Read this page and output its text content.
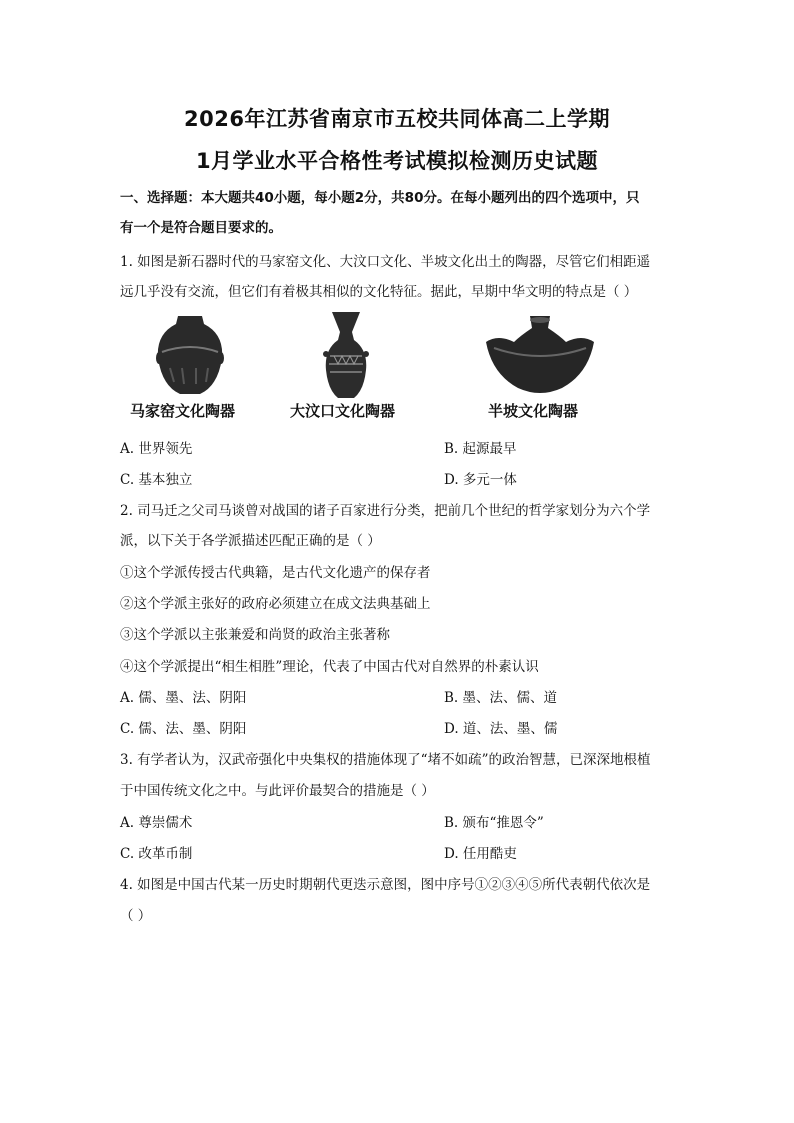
2026年江苏省南京市五校共同体高二上学期
1月学业水平合格性考试模拟检测历史试题
一、选择题：本大题共40小题，每小题2分，共80分。在每小题列出的四个选项中，只
有一个是符合题目要求的。
1. 如图是新石器时代的马家窑文化、大汶口文化、半坡文化出土的陶器，尽管它们相距遥
远几乎没有交流，但它们有着极其相似的文化特征。据此，早期中华文明的特点是（ ）
马家窑文化陶器	大汶口文化陶器	半坡文化陶器
A. 世界领先	B. 起源最早
C. 基本独立	D. 多元一体
2. 司马迁之父司马谈曾对战国的诸子百家进行分类，把前几个世纪的哲学家划分为六个学
派，以下关于各学派描述匹配正确的是（ ）
①这个学派传授古代典籍，是古代文化遗产的保存者
②这个学派主张好的政府必须建立在成文法典基础上
③这个学派以主张兼爱和尚贤的政治主张著称
④这个学派提出“相生相胜”理论，代表了中国古代对自然界的朴素认识
A. 儒、墨、法、阴阳	B. 墨、法、儒、道
C. 儒、法、墨、阴阳	D. 道、法、墨、儒
3. 有学者认为，汉武帝强化中央集权的措施体现了“堵不如疏”的政治智慧，已深深地根植
于中国传统文化之中。与此评价最契合的措施是（ ）
A. 尊崇儒术	B. 颁布“推恩令”
C. 改革币制	D. 任用酷吏
4. 如图是中国古代某一历史时期朝代更迭示意图，图中序号①②③④⑤所代表朝代依次是
（ ）
